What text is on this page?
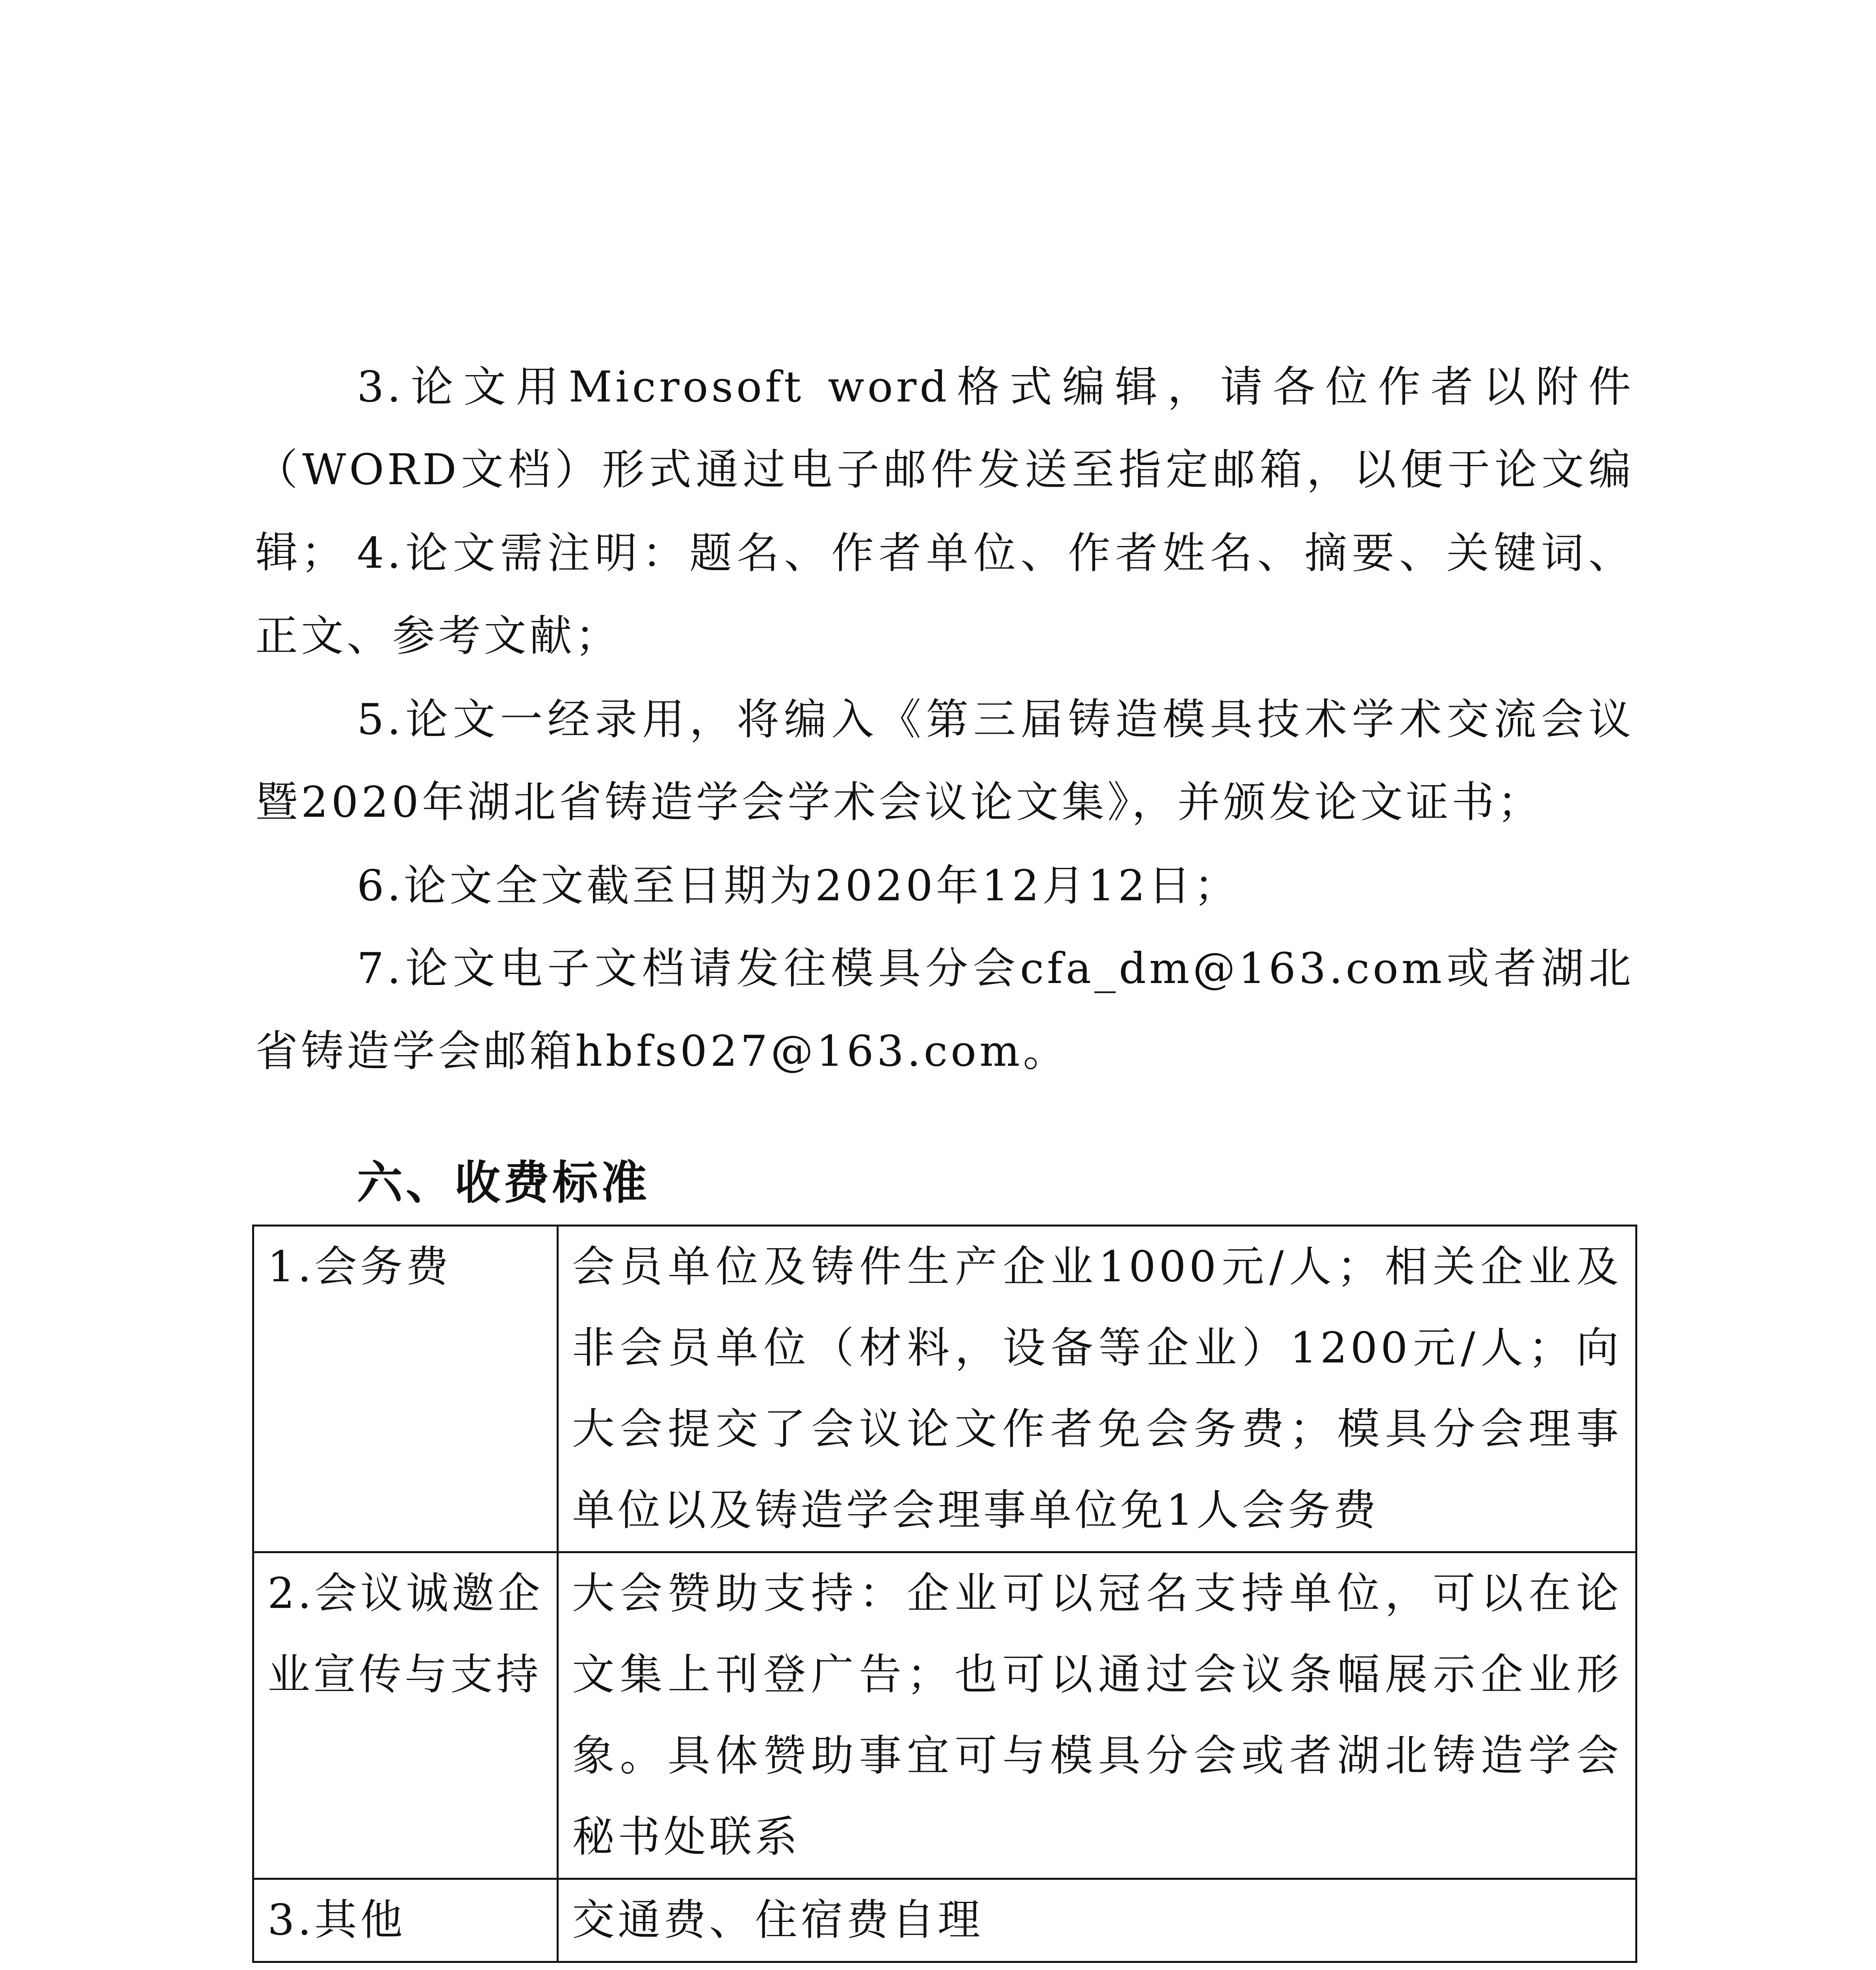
3.论文用Microsoft word格式编辑，请各位作者以附件（WORD文档）形式通过电子邮件发送至指定邮箱，以便于论文编辑； 4.论文需注明：题名、作者单位、作者姓名、摘要、关键词、正文、参考文献；

5.论文一经录用，将编入《第三届铸造模具技术学术交流会议暨2020年湖北省铸造学会学术会议论文集》，并颁发论文证书；

6.论文全文截至日期为2020年12月12日；

7.论文电子文档请发往模具分会cfa_dm@163.com或者湖北省铸造学会邮箱hbfs027@163.com。

六、收费标准
1.会务费	会员单位及铸件生产企业1000元/人；相关企业及非会员单位（材料，设备等企业）1200元/人；向大会提交了会议论文作者免会务费；模具分会理事单位以及铸造学会理事单位免1人会务费
2.会议诚邀企业宣传与支持	大会赞助支持：企业可以冠名支持单位，可以在论文集上刊登广告；也可以通过会议条幅展示企业形象。具体赞助事宜可与模具分会或者湖北铸造学会秘书处联系
3.其他	交通费、住宿费自理
